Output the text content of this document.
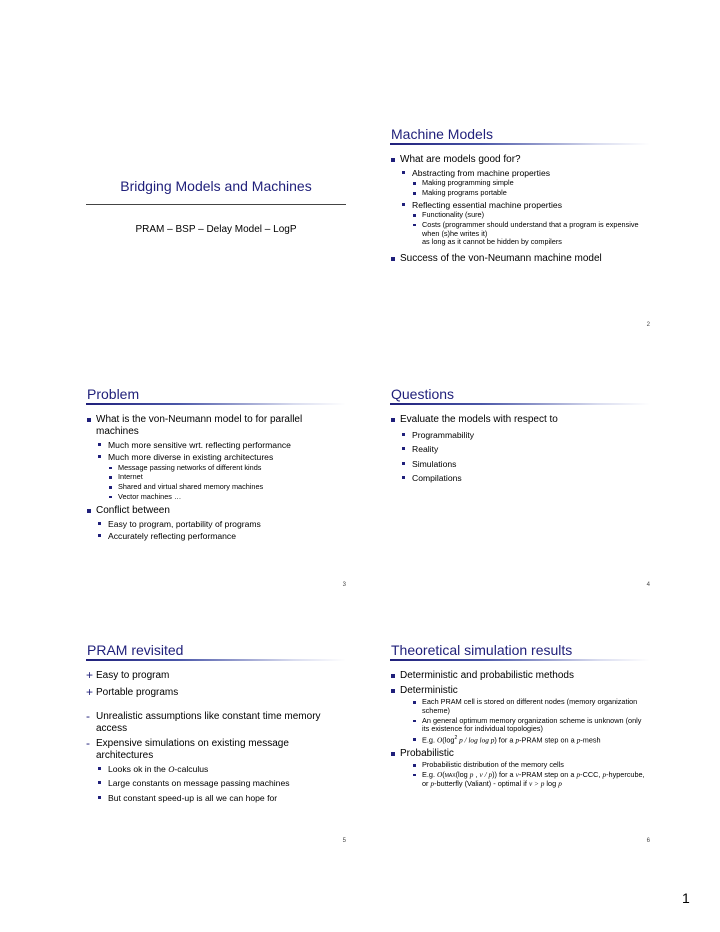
Bridging Models and Machines
PRAM – BSP – Delay Model – LogP
Machine Models
What are models good for?
Abstracting from machine properties
Making programming simple
Making programs portable
Reflecting essential machine properties
Functionality (sure)
Costs (programmer should understand that a program is expensive when (s)he writes it)
as long as it cannot be hidden by compilers
Success of the von-Neumann machine model
2
Problem
What is the von-Neumann model to for parallel machines
Much more sensitive wrt. reflecting performance
Much more diverse in existing architectures
Message passing networks of different kinds
Internet
Shared and virtual shared memory machines
Vector machines …
Conflict between
Easy to program, portability of programs
Accurately reflecting performance
3
Questions
Evaluate the models with respect to
Programmability
Reality
Simulations
Compilations
4
PRAM revisited
+ Easy to program
+ Portable programs
- Unrealistic assumptions like constant time memory access
- Expensive simulations on existing message architectures
Looks ok in the O-calculus
Large constants on message passing machines
But constant speed-up is all we can hope for
5
Theoretical simulation results
Deterministic and probabilistic methods
Deterministic
Each PRAM cell is stored on different nodes (memory organization scheme)
An general optimum memory organization scheme is unknown (only its existence for individual topologies)
E.g. $O(\log^2$ p / log log p) for a p-PRAM step on a p-mesh
Probabilistic
Probabilistic distribution of the memory cells
E.g. O(max(log p , v / p)) for a v-PRAM step on a p-CCC, p-hypercube, or p-butterfly (Valiant) - optimal if v > p log p
6
1
